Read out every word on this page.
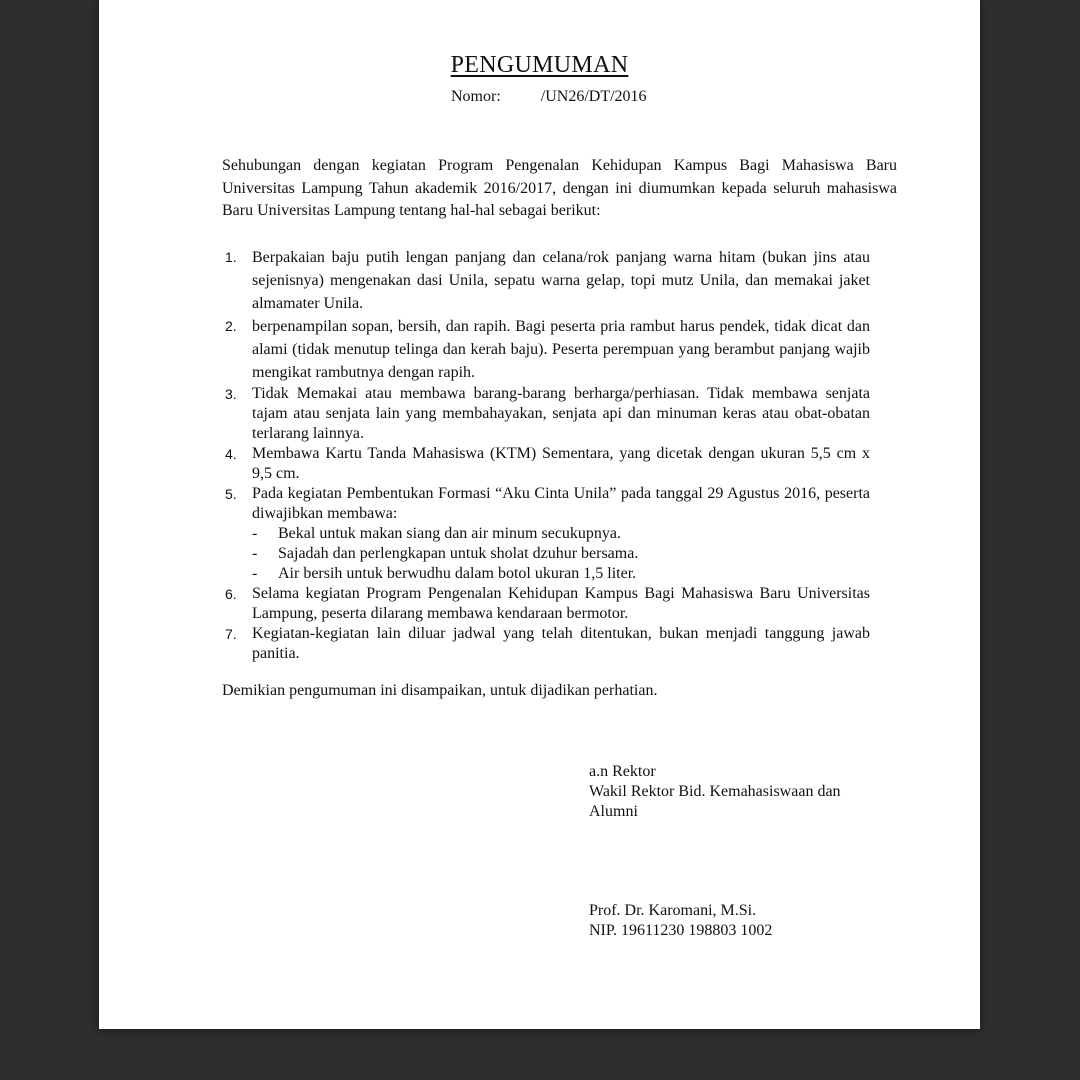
PENGUMUMAN
Nomor:	/UN26/DT/2016

Sehubungan dengan kegiatan Program Pengenalan Kehidupan Kampus Bagi Mahasiswa Baru Universitas Lampung Tahun akademik 2016/2017, dengan ini diumumkan kepada seluruh mahasiswa Baru Universitas Lampung tentang hal-hal sebagai berikut:

1. Berpakaian baju putih lengan panjang dan celana/rok panjang warna hitam (bukan jins atau sejenisnya) mengenakan dasi Unila, sepatu warna gelap, topi mutz Unila, dan memakai jaket almamater Unila.
2. berpenampilan sopan, bersih, dan rapih. Bagi peserta pria rambut harus pendek, tidak dicat dan alami (tidak menutup telinga dan kerah baju). Peserta perempuan yang berambut panjang wajib mengikat rambutnya dengan rapih.
3. Tidak Memakai atau membawa barang-barang berharga/perhiasan. Tidak membawa senjata tajam atau senjata lain yang membahayakan, senjata api dan minuman keras atau obat-obatan terlarang lainnya.
4. Membawa Kartu Tanda Mahasiswa (KTM) Sementara, yang dicetak dengan ukuran 5,5 cm x 9,5 cm.
5. Pada kegiatan Pembentukan Formasi “Aku Cinta Unila” pada tanggal 29 Agustus 2016, peserta diwajibkan membawa:
- Bekal untuk makan siang dan air minum secukupnya.
- Sajadah dan perlengkapan untuk sholat dzuhur bersama.
- Air bersih untuk berwudhu dalam botol ukuran 1,5 liter.
6. Selama kegiatan Program Pengenalan Kehidupan Kampus Bagi Mahasiswa Baru Universitas Lampung, peserta dilarang membawa kendaraan bermotor.
7. Kegiatan-kegiatan lain diluar jadwal yang telah ditentukan, bukan menjadi tanggung jawab panitia.
Demikian pengumuman ini disampaikan, untuk dijadikan perhatian.
a.n Rektor
Wakil Rektor Bid. Kemahasiswaan dan
Alumni
Prof. Dr. Karomani, M.Si.
NIP. 19611230 198803 1002
